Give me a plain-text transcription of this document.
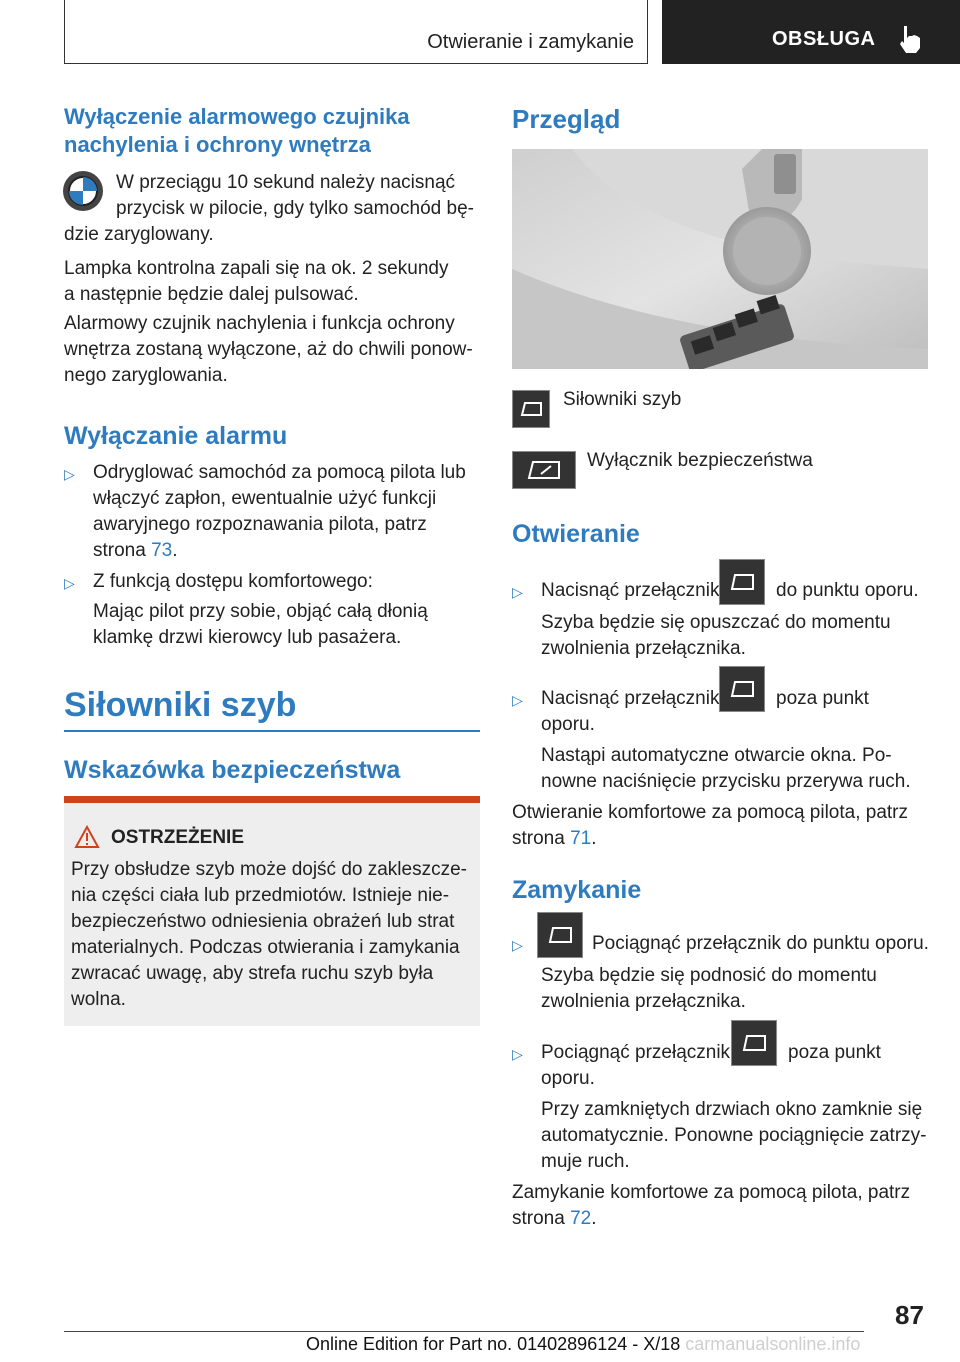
Otwieranie i zamykanie	OBSŁUGA
Wyłączenie alarmowego czujnika nachylenia i ochrony wnętrza

W przeciągu 10 sekund należy nacisnąć

przycisk w pilocie, gdy tylko samochód bę-

dzie zaryglowany.

Lampka kontrolna zapali się na ok. 2 sekundy

a następnie będzie dalej pulsować.

Alarmowy czujnik nachylenia i funkcja ochrony

wnętrza zostaną wyłączone, aż do chwili ponow-

nego zaryglowania.

Wyłączanie alarmu
▷ Odryglować samochód za pomocą pilota lub

włączyć zapłon, ewentualnie użyć funkcji

awaryjnego rozpoznawania pilota, patrz

strona 73.

▷ Z funkcją dostępu komfortowego:

Mając pilot przy sobie, objąć całą dłonią

klamkę drzwi kierowcy lub pasażera.

Siłowniki szyb
Wskazówka bezpieczeństwa
OSTRZEŻENIE

Przy obsłudze szyb może dojść do zakleszcze-

nia części ciała lub przedmiotów. Istnieje nie-

bezpieczeństwo odniesienia obrażeń lub strat

materialnych. Podczas otwierania i zamykania

zwracać uwagę, aby strefa ruchu szyb była

wolna.

Przegląd

Siłowniki szyb

Wyłącznik bezpieczeństwa

Otwieranie
▷ Nacisnąć przełącznik	do punktu oporu.

Szyba będzie się opuszczać do momentu

zwolnienia przełącznika.

▷ Nacisnąć przełącznik	poza punkt

oporu.

Nastąpi automatyczne otwarcie okna. Po-

nowne naciśnięcie przycisku przerywa ruch.

Otwieranie komfortowe za pomocą pilota, patrz

strona 71.

Zamykanie
▷	Pociągnąć przełącznik do punktu oporu.

Szyba będzie się podnosić do momentu

zwolnienia przełącznika.

▷ Pociągnąć przełącznik	poza punkt

oporu.

Przy zamkniętych drzwiach okno zamknie się

automatycznie. Ponowne pociągnięcie zatrzy-

muje ruch.

Zamykanie komfortowe za pomocą pilota, patrz

strona 72.

87
Online Edition for Part no. 01402896124 - X/18 carmanualsonline.info
